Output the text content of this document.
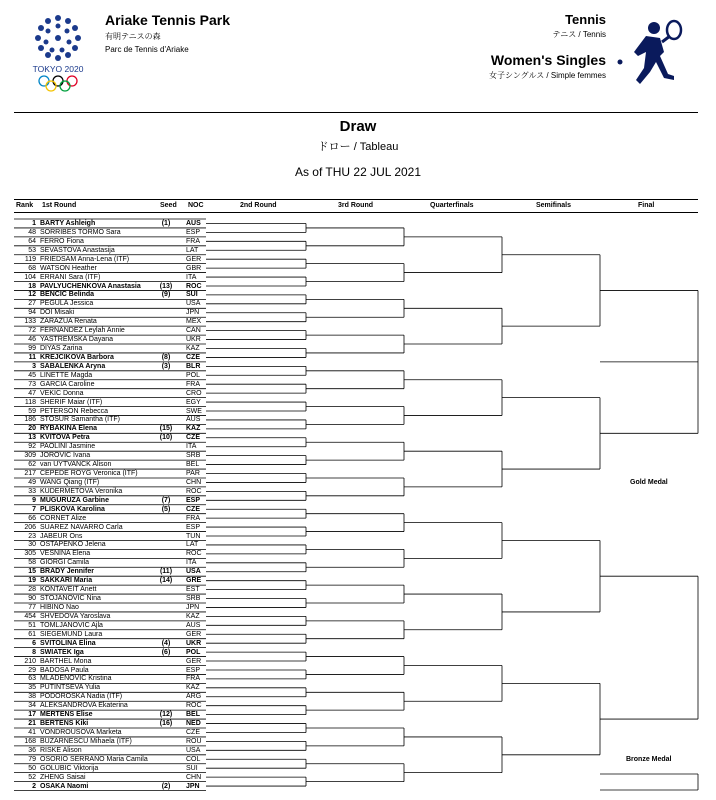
TOKYO 2020
Ariake Tennis Park
有明テニスの森
Parc de Tennis d'Ariake
Tennis
テニス / Tennis
Women's Singles
女子シングルス / Simple femmes
Draw
ドロー / Tableau
As of THU 22 JUL 2021
Rank 1st Round	Seed NOC	2nd Round	3rd Round	Quarterfinals	Semifinals	Final
1 BARTY Ashleigh	(1)	AUS
48 SORRIBES TORMO Sara	ESP
64 FERRO Fiona	FRA
53 SEVASTOVA Anastasija	LAT
119 FRIEDSAM Anna-Lena (ITF)	GER
68 WATSON Heather	GBR
104 ERRANI Sara (ITF)	ITA
18 PAVLYUCHENKOVA Anastasia	(13)	ROC
12 BENCIC Belinda	(9)	SUI
27 PEGULA Jessica	USA
94 DOI Misaki	JPN
133 ZARAZUA Renata	MEX
72 FERNANDEZ Leylah Annie	CAN
46 YASTREMSKA Dayana	UKR
99 DIYAS Zarina	KAZ
11 KREJCIKOVA Barbora	(8)	CZE
3 SABALENKA Aryna	(3)	BLR
45 LINETTE Magda	POL
73 GARCIA Caroline	FRA
47 VEKIC Donna	CRO
118 SHERIF Maiar (ITF)	EGY
59 PETERSON Rebecca	SWE
186 STOSUR Samantha (ITF)	AUS
20 RYBAKINA Elena	(15)	KAZ
13 KVITOVA Petra	(10)	CZE
92 PAOLINI Jasmine	ITA
309 JOROVIC Ivana	SRB
62 van UYTVANCK Alison	BEL
217 CEPEDE ROYG Veronica (ITF)	PAR
49 WANG Qiang (ITF)	CHN
33 KUDERMETOVA Veronika	ROC
9 MUGURUZA Garbine	(7)	ESP
7 PLISKOVA Karolina	(5)	CZE
66 CORNET Alize	FRA
206 SUAREZ NAVARRO Carla	ESP
23 JABEUR Ons	TUN
30 OSTAPENKO Jelena	LAT
305 VESNINA Elena	ROC
58 GIORGI Camila	ITA
15 BRADY Jennifer	(11)	USA
19 SAKKARI Maria	(14)	GRE
28 KONTAVEIT Anett	EST
90 STOJANOVIC Nina	SRB
77 HIBINO Nao	JPN
454 SHVEDOVA Yaroslava	KAZ
51 TOMLJANOVIC Ajla	AUS
61 SIEGEMUND Laura	GER
6 SVITOLINA Elina	(4)	UKR
8 SWIATEK Iga	(6)	POL
210 BARTHEL Mona	GER
29 BADOSA Paula	ESP
63 MLADENOVIC Kristina	FRA
35 PUTINTSEVA Yulia	KAZ
38 PODOROSKA Nadia (ITF)	ARG
34 ALEKSANDROVA Ekaterina	ROC
17 MERTENS Elise	(12)	BEL
21 BERTENS Kiki	(16)	NED
41 VONDROUSOVA Marketa	CZE
168 BUZARNESCU Mihaela (ITF)	ROU
36 RISKE Alison	USA
79 OSORIO SERRANO Maria Camila	COL
50 GOLUBIC Viktorija	SUI
52 ZHENG Saisai	CHN
2 OSAKA Naomi	(2)	JPN
Gold Medal
Bronze Medal
